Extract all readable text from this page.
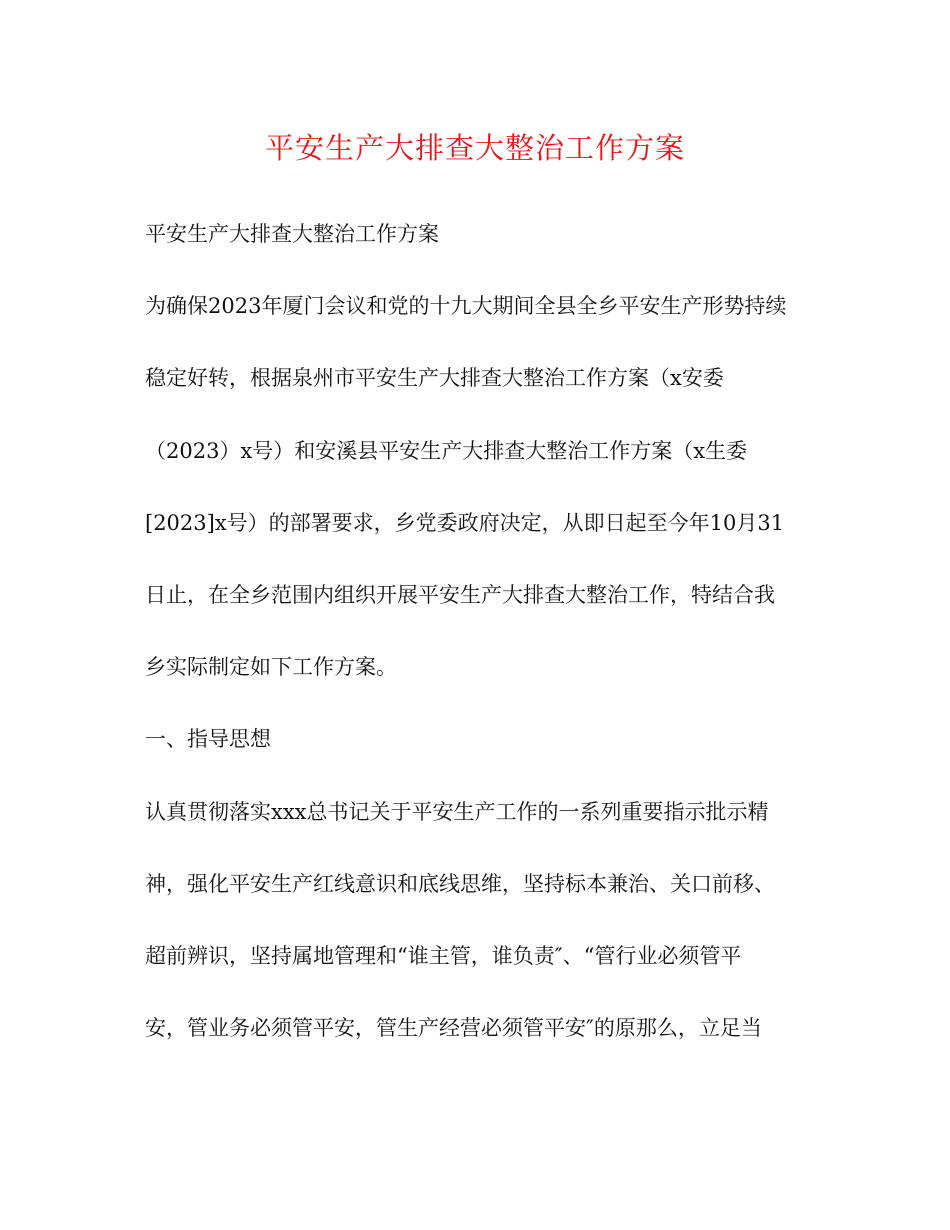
平安生产大排查大整治工作方案
平安生产大排查大整治工作方案
为确保2023年厦门会议和党的十九大期间全县全乡平安生产形势持续
稳定好转，根据泉州市平安生产大排查大整治工作方案（x安委
（2023）x号）和安溪县平安生产大排查大整治工作方案（x生委
[2023]x号）的部署要求，乡党委政府决定，从即日起至今年10月31
日止，在全乡范围内组织开展平安生产大排查大整治工作，特结合我
乡实际制定如下工作方案。
一、指导思想
认真贯彻落实xxx总书记关于平安生产工作的一系列重要指示批示精
神，强化平安生产红线意识和底线思维，坚持标本兼治、关口前移、
超前辨识，坚持属地管理和“谁主管，谁负责″、“管行业必须管平
安，管业务必须管平安，管生产经营必须管平安″的原那么，立足当
